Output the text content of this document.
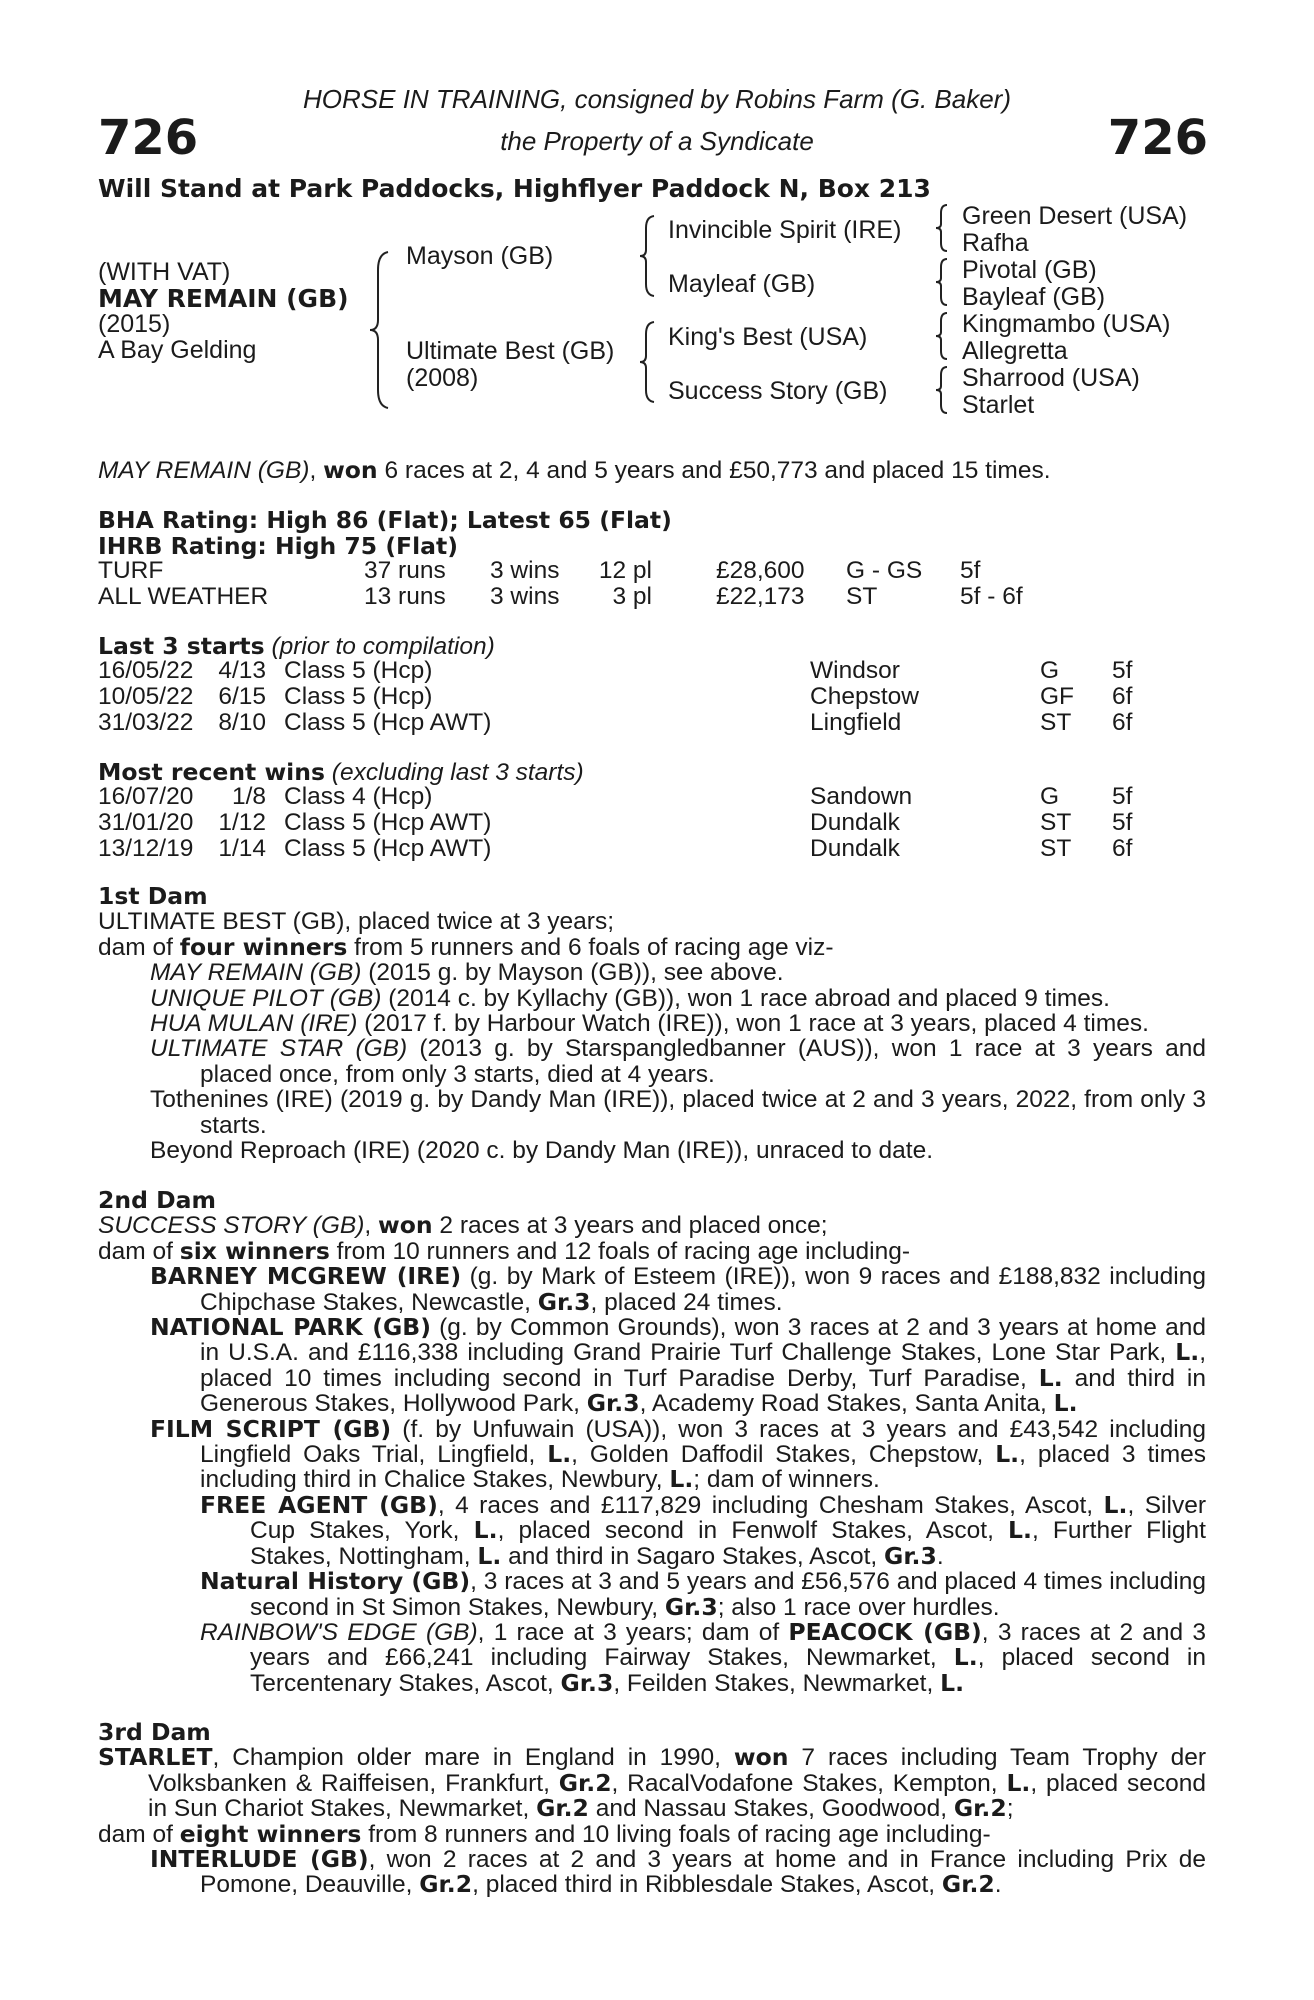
726	726
HORSE IN TRAINING, consigned by Robins Farm (G. Baker)
the Property of a Syndicate
Will Stand at Park Paddocks, Highflyer Paddock N, Box 213
(WITH VAT)
MAY REMAIN (GB)
(2015)
A Bay Gelding
Mayson (GB)
Ultimate Best (GB)
(2008)
Invincible Spirit (IRE)
Mayleaf (GB)
King's Best (USA)
Success Story (GB)
Green Desert (USA)
Rafha
Pivotal (GB)
Bayleaf (GB)
Kingmambo (USA)
Allegretta
Sharrood (USA)
Starlet
MAY REMAIN (GB), won 6 races at 2, 4 and 5 years and £50,773 and placed 15 times.
BHA Rating: High 86 (Flat); Latest 65 (Flat)
IHRB Rating: High 75 (Flat)
TURF	37 runs 3 wins	12 pl	£28,600 G - GS 5f
ALL WEATHER	13 runs 3 wins	3 pl	£22,173 ST	5f - 6f
Last 3 starts (prior to compilation)
16/05/22	4/13 Class 5 (Hcp)	Windsor	G 5f
10/05/22	6/15 Class 5 (Hcp)	Chepstow	GF 6f
31/03/22	8/10 Class 5 (Hcp AWT)	Lingfield	ST 6f
Most recent wins (excluding last 3 starts)
16/07/20	1/8 Class 4 (Hcp)	Sandown	G 5f
31/01/20	1/12 Class 5 (Hcp AWT)	Dundalk	ST 5f
13/12/19	1/14 Class 5 (Hcp AWT)	Dundalk	ST 6f

1st Dam

ULTIMATE BEST (GB), placed twice at 3 years;

dam of four winners from 5 runners and 6 foals of racing age viz-

MAY REMAIN (GB) (2015 g. by Mayson (GB)), see above.

UNIQUE PILOT (GB) (2014 c. by Kyllachy (GB)), won 1 race abroad and placed 9 times.

HUA MULAN (IRE) (2017 f. by Harbour Watch (IRE)), won 1 race at 3 years, placed 4 times.

ULTIMATE STAR (GB) (2013 g. by Starspangledbanner (AUS)), won 1 race at 3 years and placed once, from only 3 starts, died at 4 years.

Tothenines (IRE) (2019 g. by Dandy Man (IRE)), placed twice at 2 and 3 years, 2022, from only 3 starts.

Beyond Reproach (IRE) (2020 c. by Dandy Man (IRE)), unraced to date.

2nd Dam

SUCCESS STORY (GB), won 2 races at 3 years and placed once;

dam of six winners from 10 runners and 12 foals of racing age including-

BARNEY MCGREW (IRE) (g. by Mark of Esteem (IRE)), won 9 races and £188,832 including Chipchase Stakes, Newcastle, Gr.3, placed 24 times.

NATIONAL PARK (GB) (g. by Common Grounds), won 3 races at 2 and 3 years at home and in U.S.A. and £116,338 including Grand Prairie Turf Challenge Stakes, Lone Star Park, L., placed 10 times including second in Turf Paradise Derby, Turf Paradise, L. and third in Generous Stakes, Hollywood Park, Gr.3, Academy Road Stakes, Santa Anita, L.

FILM SCRIPT (GB) (f. by Unfuwain (USA)), won 3 races at 3 years and £43,542 including Lingfield Oaks Trial, Lingfield, L., Golden Daffodil Stakes, Chepstow, L., placed 3 times including third in Chalice Stakes, Newbury, L.; dam of winners.

FREE AGENT (GB), 4 races and £117,829 including Chesham Stakes, Ascot, L., Silver Cup Stakes, York, L., placed second in Fenwolf Stakes, Ascot, L., Further Flight Stakes, Nottingham, L. and third in Sagaro Stakes, Ascot, Gr.3.

Natural History (GB), 3 races at 3 and 5 years and £56,576 and placed 4 times including second in St Simon Stakes, Newbury, Gr.3; also 1 race over hurdles.

RAINBOW'S EDGE (GB), 1 race at 3 years; dam of PEACOCK (GB), 3 races at 2 and 3 years and £66,241 including Fairway Stakes, Newmarket, L., placed second in Tercentenary Stakes, Ascot, Gr.3, Feilden Stakes, Newmarket, L.

3rd Dam

STARLET, Champion older mare in England in 1990, won 7 races including Team Trophy der Volksbanken & Raiffeisen, Frankfurt, Gr.2, RacalVodafone Stakes, Kempton, L., placed second in Sun Chariot Stakes, Newmarket, Gr.2 and Nassau Stakes, Goodwood, Gr.2;

dam of eight winners from 8 runners and 10 living foals of racing age including-

INTERLUDE (GB), won 2 races at 2 and 3 years at home and in France including Prix de Pomone, Deauville, Gr.2, placed third in Ribblesdale Stakes, Ascot, Gr.2.
